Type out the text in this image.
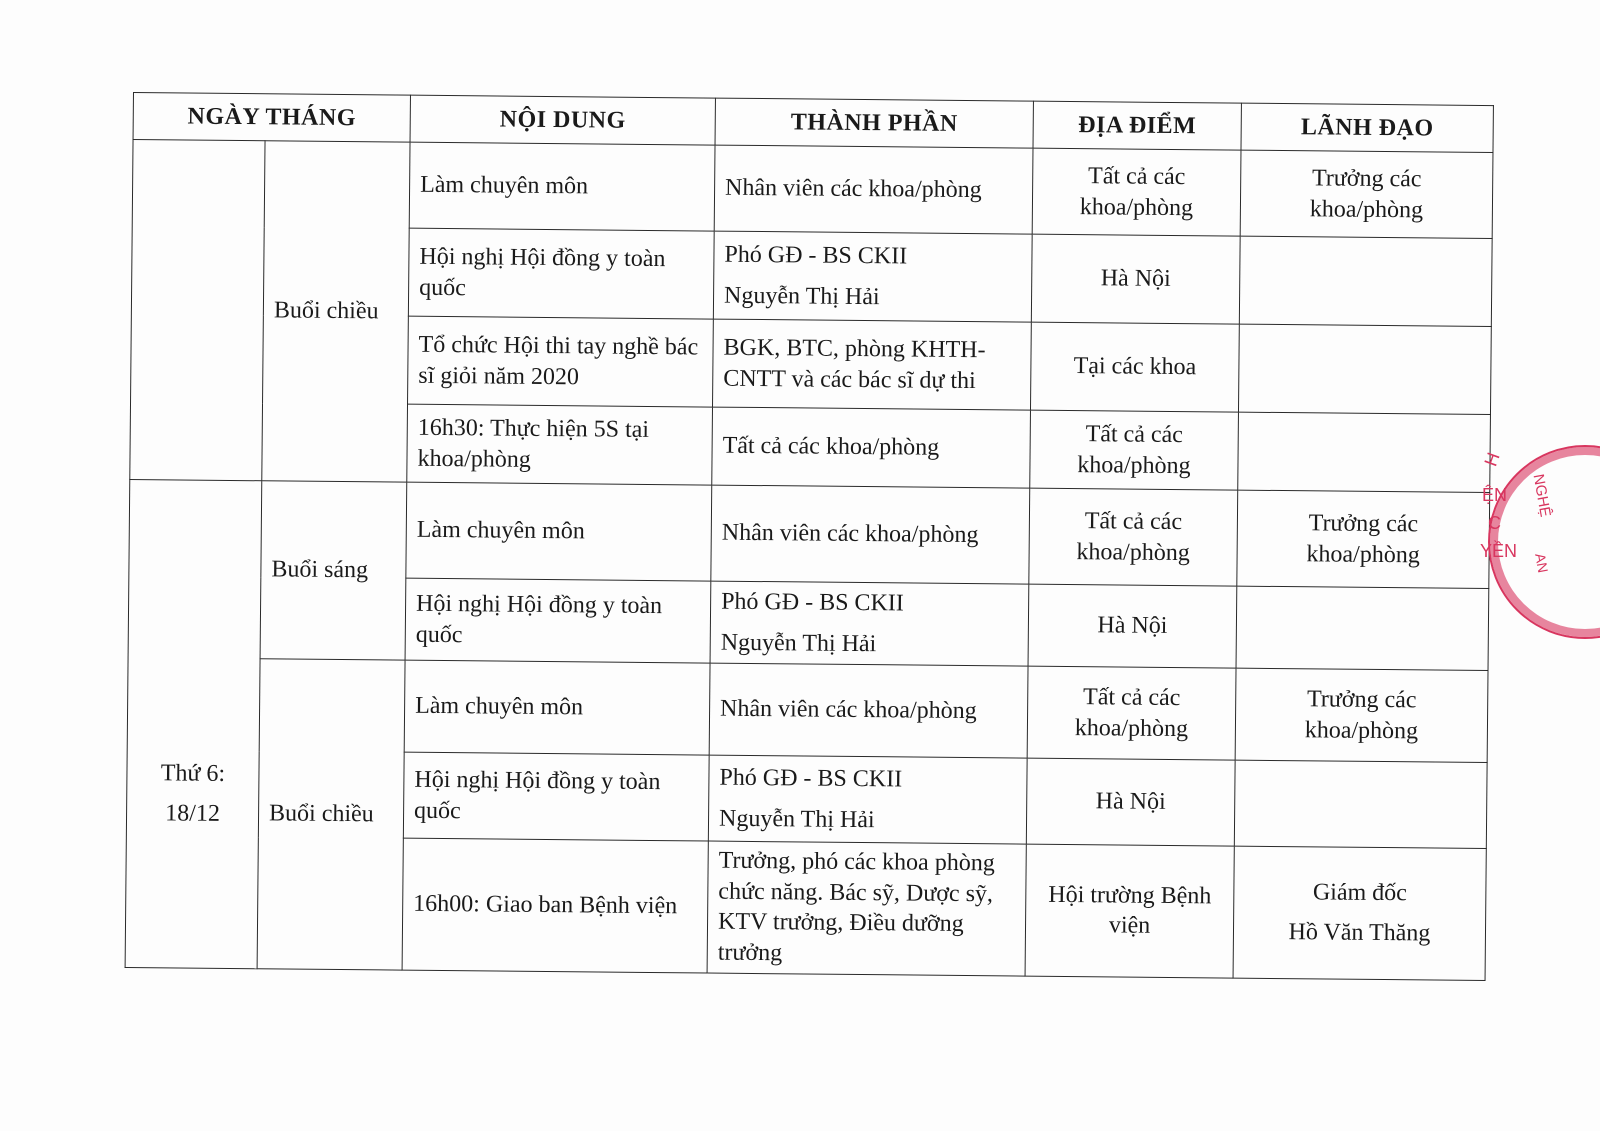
NGÀY THÁNG		NỘI DUNG	THÀNH PHẦN	ĐỊA ĐIỂM	LÃNH ĐẠO
	Buổi chiều	Làm chuyên môn	Nhân viên các khoa/phòng	Tất cả các
khoa/phòng	Trưởng các
khoa/phòng

		Hội nghị Hội đồng y toàn quốc	Phó GĐ - BS CKII
Nguyễn Thị Hải	Hà Nội	

		Tổ chức Hội thi tay nghề bác sĩ giỏi năm 2020	BGK, BTC, phòng KHTH-CNTT và các bác sĩ dự thi	Tại các khoa	

		16h30: Thực hiện 5S tại khoa/phòng	Tất cả các khoa/phòng	Tất cả các
khoa/phòng	

Thứ 6:
18/12	Buổi sáng	Làm chuyên môn	Nhân viên các khoa/phòng	Tất cả các
khoa/phòng	Trưởng các
khoa/phòng

		Hội nghị Hội đồng y toàn quốc	Phó GĐ - BS CKII
Nguyễn Thị Hải	Hà Nội	

	Buổi chiều	Làm chuyên môn	Nhân viên các khoa/phòng	Tất cả các
khoa/phòng	Trưởng các
khoa/phòng

		Hội nghị Hội đồng y toàn quốc	Phó GĐ - BS CKII
Nguyễn Thị Hải	Hà Nội	

		16h00: Giao ban Bệnh viện	Trưởng, phó các khoa phòng chức năng. Bác sỹ, Dược sỹ, KTV trưởng, Điều dưỡng trưởng	Hội trường Bệnh
viện	Giám đốc
Hồ Văn Thăng
H
ỆN NGHỆ
C
YỀN
AN
